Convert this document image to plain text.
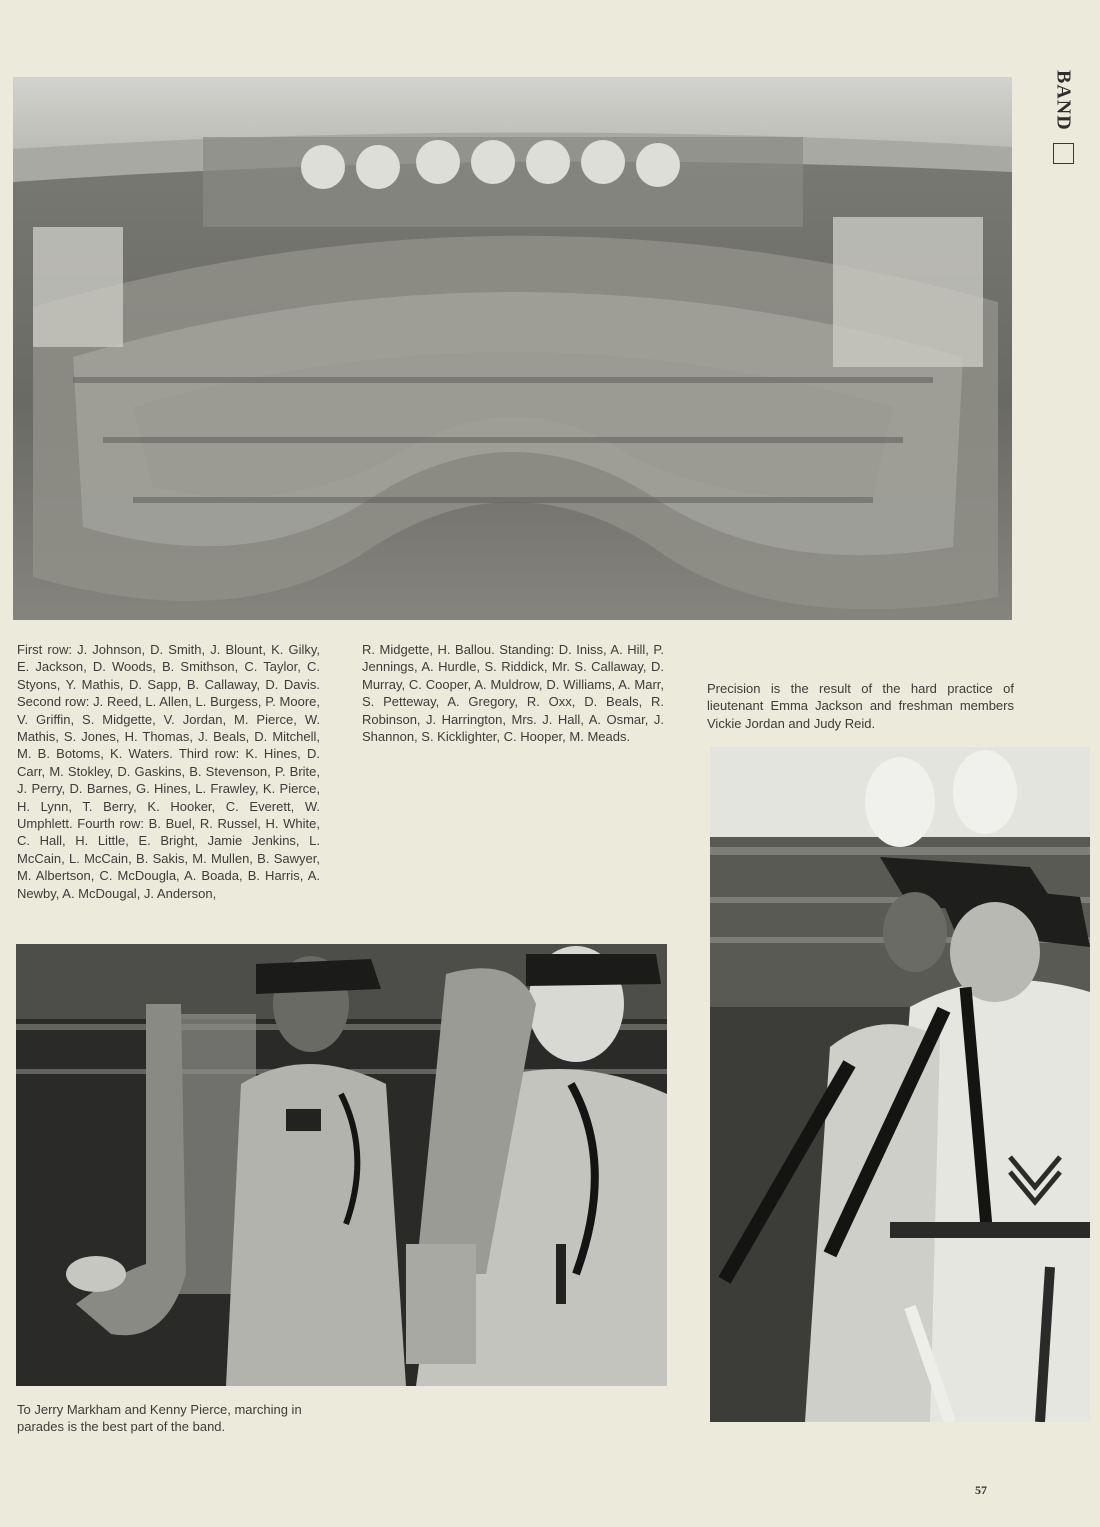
BAND
First row: J. Johnson, D. Smith, J. Blount, K. Gilky, E. Jackson, D. Woods, B. Smithson, C. Taylor, C. Styons, Y. Mathis, D. Sapp, B. Callaway, D. Davis. Second row: J. Reed, L. Allen, L. Burgess, P. Moore, V. Griffin, S. Midgette, V. Jordan, M. Pierce, W. Mathis, S. Jones, H. Thomas, J. Beals, D. Mitchell, M. B. Botoms, K. Waters. Third row: K. Hines, D. Carr, M. Stokley, D. Gaskins, B. Stevenson, P. Brite, J. Perry, D. Barnes, G. Hines, L. Frawley, K. Pierce, H. Lynn, T. Berry, K. Hooker, C. Everett, W. Umphlett. Fourth row: B. Buel, R. Russel, H. White, C. Hall, H. Little, E. Bright, Jamie Jenkins, L. McCain, L. McCain, B. Sakis, M. Mullen, B. Sawyer, M. Albertson, C. McDougla, A. Boada, B. Harris, A. Newby, A. McDougal, J. Anderson,
R. Midgette, H. Ballou. Standing: D. Iniss, A. Hill, P. Jennings, A. Hurdle, S. Riddick, Mr. S. Callaway, D. Murray, C. Cooper, A. Muldrow, D. Williams, A. Marr, S. Petteway, A. Gregory, R. Oxx, D. Beals, R. Robinson, J. Harrington, Mrs. J. Hall, A. Osmar, J. Shannon, S. Kicklighter, C. Hooper, M. Meads.
Precision is the result of the hard practice of lieutenant Emma Jackson and freshman members Vickie Jordan and Judy Reid.
To Jerry Markham and Kenny Pierce, marching in parades is the best part of the band.
57
